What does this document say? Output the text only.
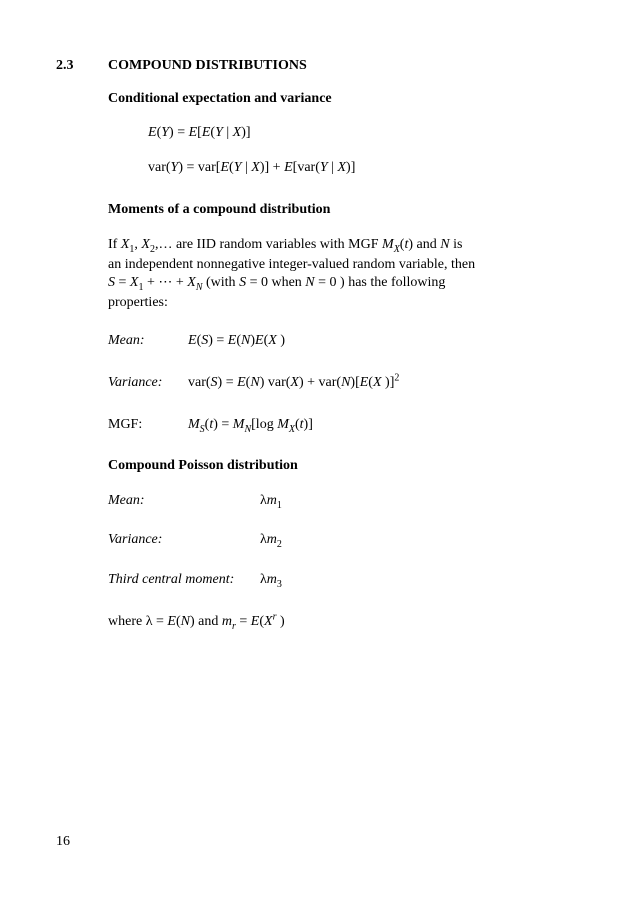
2.3 COMPOUND DISTRIBUTIONS
Conditional expectation and variance
E(Y) = E[E(Y | X)]
var(Y) = var[E(Y | X)] + E[var(Y | X)]
Moments of a compound distribution
If $X_1$, $X_2,\dots$ are IID random variables with MGF $M_X(t)$ and N is
an independent nonnegative integer-valued random variable, then
$S = X_1$ + ⋯ + $X_N$ (with S = 0 when N = 0 ) has the following
properties:
Mean:	E(S) = E(N)E(X )
Variance: var(S) = E(N) var(X) + var(N)[E(X )]$^2$
MGF:	$M_S(t) = M_N[\log$ $M_X(t)$]
Compound Poisson distribution
Mean:	$\lambda m_1$
Variance:	$\lambda m_2$
Third central moment: $\lambda m_3$
where λ = E(N) and $m_r = E(X^r$ )
16
